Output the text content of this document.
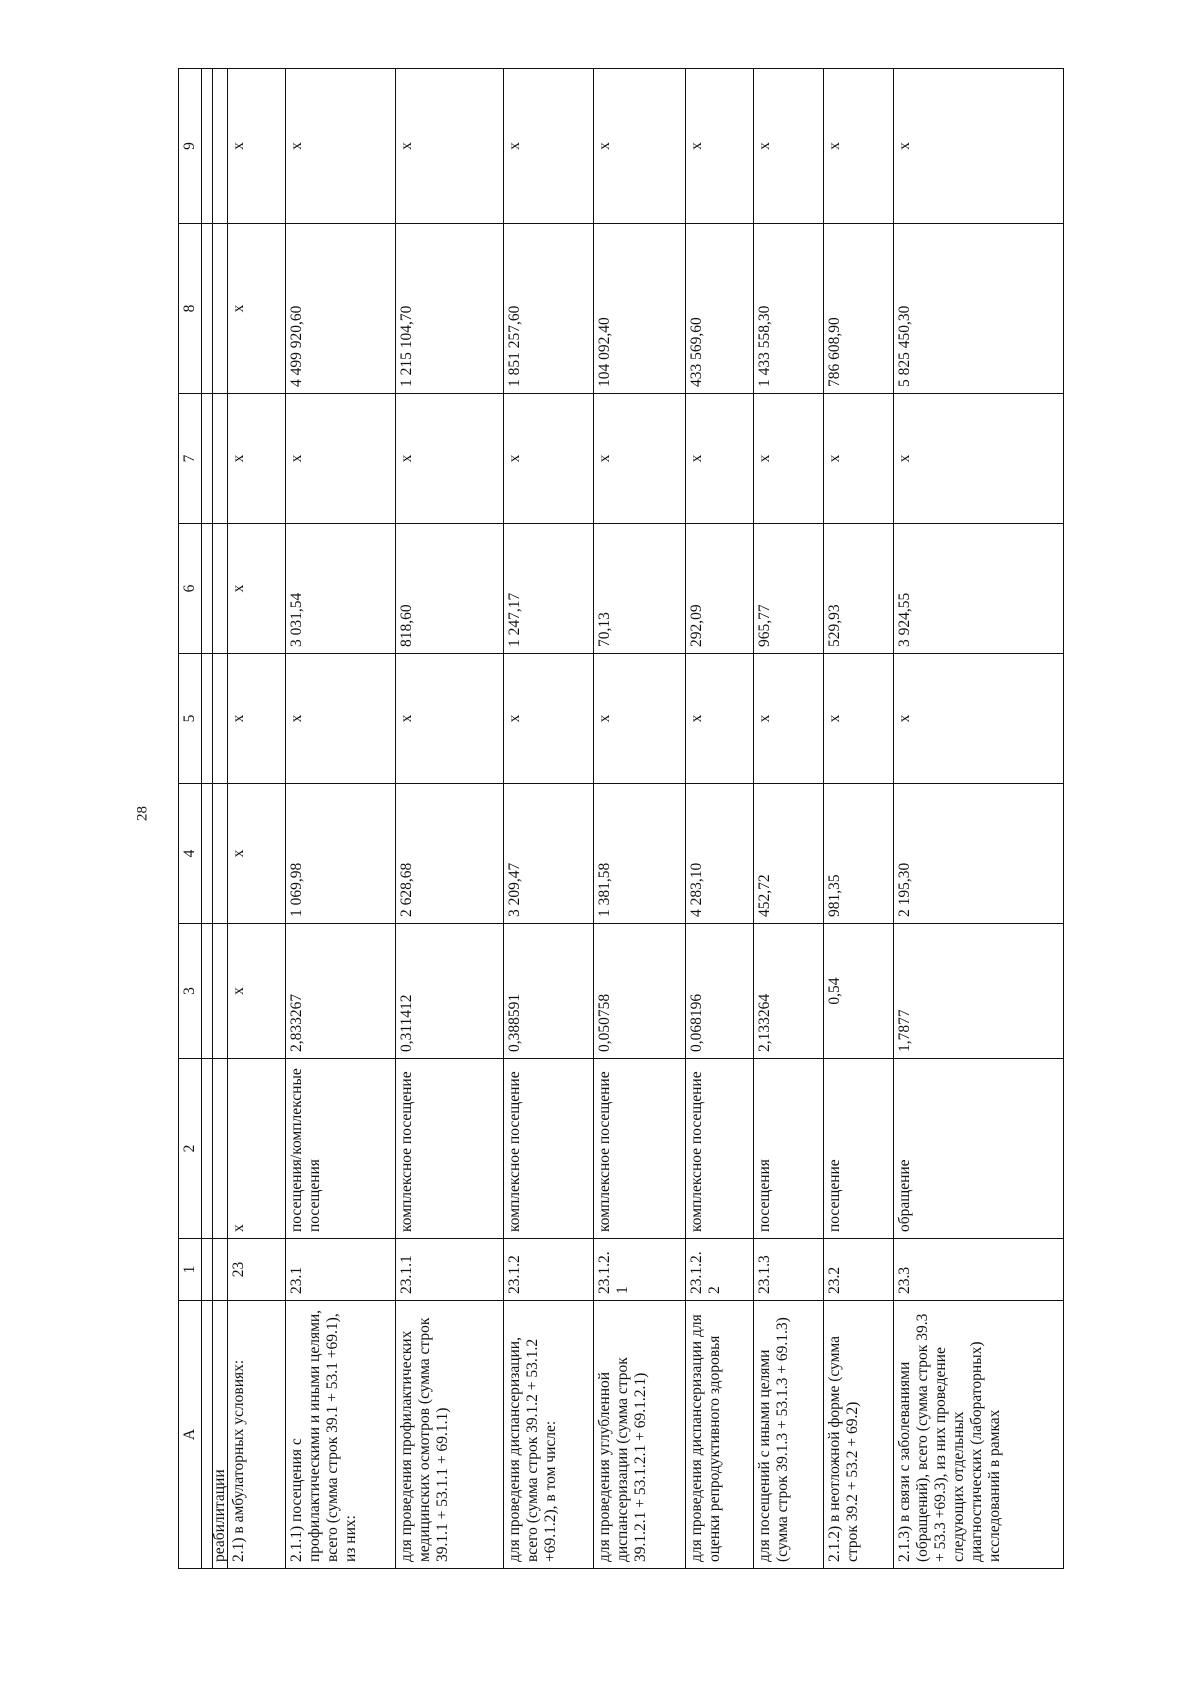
28
A	1	2	3	4	5	6	7	8	9

реабилитации									
2.1) в амбулаторных условиях:	23	х	х	х	х	х	х	х	х
2.1.1) посещения с профилактическими и иными целями, всего (сумма строк 39.1 + 53.1 +69.1), из них:	23.1	посещения/комплексные посещения	2,833267	1 069,98	х	3 031,54	х	4 499 920,60	х
для проведения профилактических медицинских осмотров (сумма строк 39.1.1 + 53.1.1 + 69.1.1)	23.1.1	комплексное посещение	0,311412	2 628,68	х	818,60	х	1 215 104,70	х
для проведения диспансеризации, всего (сумма строк 39.1.2 + 53.1.2 +69.1.2), в том числе:	23.1.2	комплексное посещение	0,388591	3 209,47	х	1 247,17	х	1 851 257,60	х
для проведения углубленной диспансеризации (сумма строк 39.1.2.1 + 53.1.2.1 + 69.1.2.1)	23.1.2.1	комплексное посещение	0,050758	1 381,58	х	70,13	х	104 092,40	х
для проведения диспансеризации для оценки репродуктивного здоровья	23.1.2.2	комплексное посещение	0,068196	4 283,10	х	292,09	х	433 569,60	х
для посещений с иными целями (сумма строк 39.1.3 + 53.1.3 + 69.1.3)	23.1.3	посещения	2,133264	452,72	х	965,77	х	1 433 558,30	х
2.1.2) в неотложной форме (сумма строк 39.2 + 53.2 + 69.2)	23.2	посещение	0,54	981,35	х	529,93	х	786 608,90	х
2.1.3) в связи с заболеваниями (обращений), всего (сумма строк 39.3 + 53.3 +69.3), из них проведение следующих отдельных диагностических (лабораторных) исследований в рамках	23.3	обращение	1,7877	2 195,30	х	3 924,55	х	5 825 450,30	х
